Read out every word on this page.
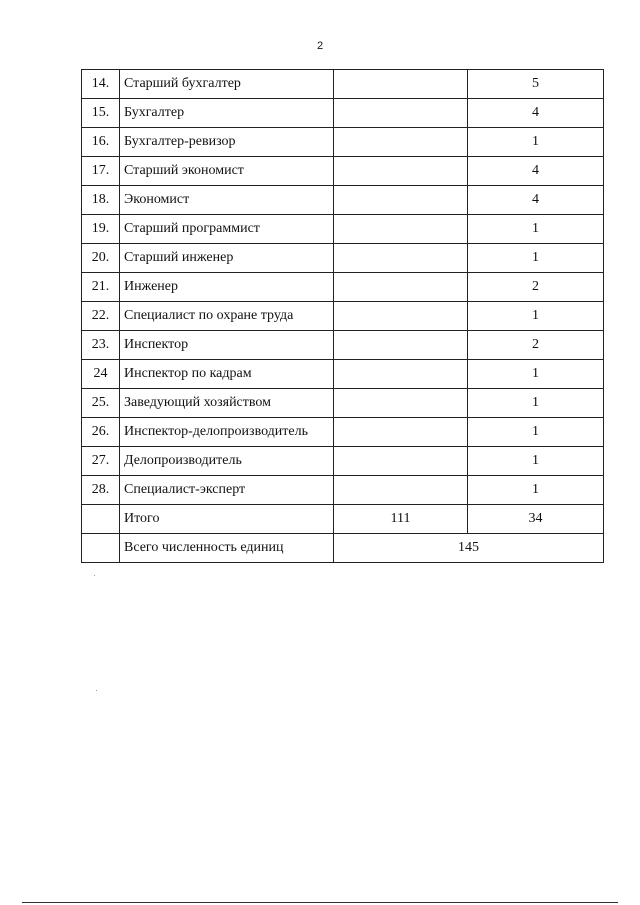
2
14.	Старший бухгалтер		5
15.	Бухгалтер		4
16.	Бухгалтер-ревизор		1
17.	Старший экономист		4
18.	Экономист		4
19.	Старший программист		1
20.	Старший инженер		1
21.	Инженер		2
22.	Специалист по охране труда		1
23.	Инспектор		2
24	Инспектор по кадрам		1
25.	Заведующий хозяйством		1
26.	Инспектор-делопроизводитель		1
27.	Делопроизводитель		1
28.	Специалист-эксперт		1
	Итого	111	34
	Всего численность единиц	145	
